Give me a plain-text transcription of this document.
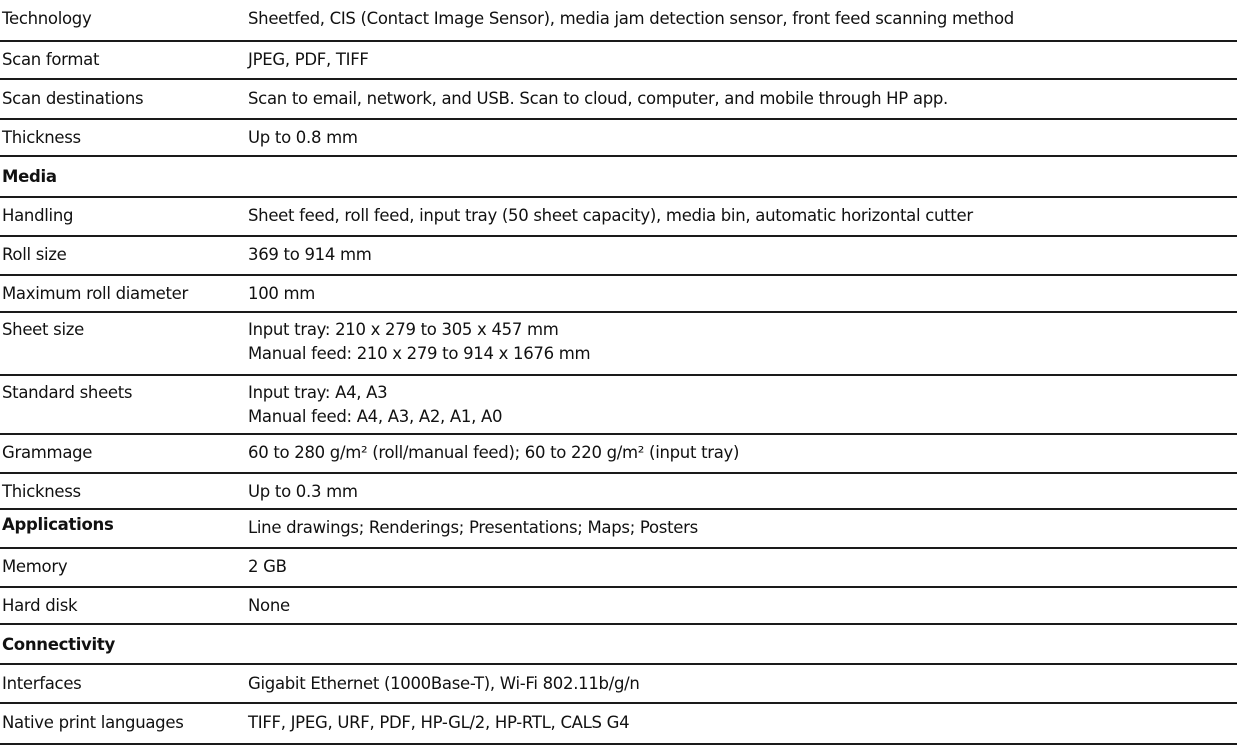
Technology	Sheetfed, CIS (Contact Image Sensor), media jam detection sensor, front feed scanning method
Scan format	JPEG, PDF, TIFF
Scan destinations	Scan to email, network, and USB. Scan to cloud, computer, and mobile through HP app.
Thickness	Up to 0.8 mm
Media
Handling	Sheet feed, roll feed, input tray (50 sheet capacity), media bin, automatic horizontal cutter
Roll size	369 to 914 mm
Maximum roll diameter	100 mm
Sheet size	Input tray: 210 x 279 to 305 x 457 mm
Manual feed: 210 x 279 to 914 x 1676 mm
Standard sheets	Input tray: A4, A3
Manual feed: A4, A3, A2, A1, A0
Grammage	60 to 280 g/m² (roll/manual feed); 60 to 220 g/m² (input tray)
Thickness	Up to 0.3 mm
Applications	Line drawings; Renderings; Presentations; Maps; Posters
Memory	2 GB
Hard disk	None
Connectivity
Interfaces	Gigabit Ethernet (1000Base-T), Wi-Fi 802.11b/g/n
Native print languages	TIFF, JPEG, URF, PDF, HP-GL/2, HP-RTL, CALS G4
